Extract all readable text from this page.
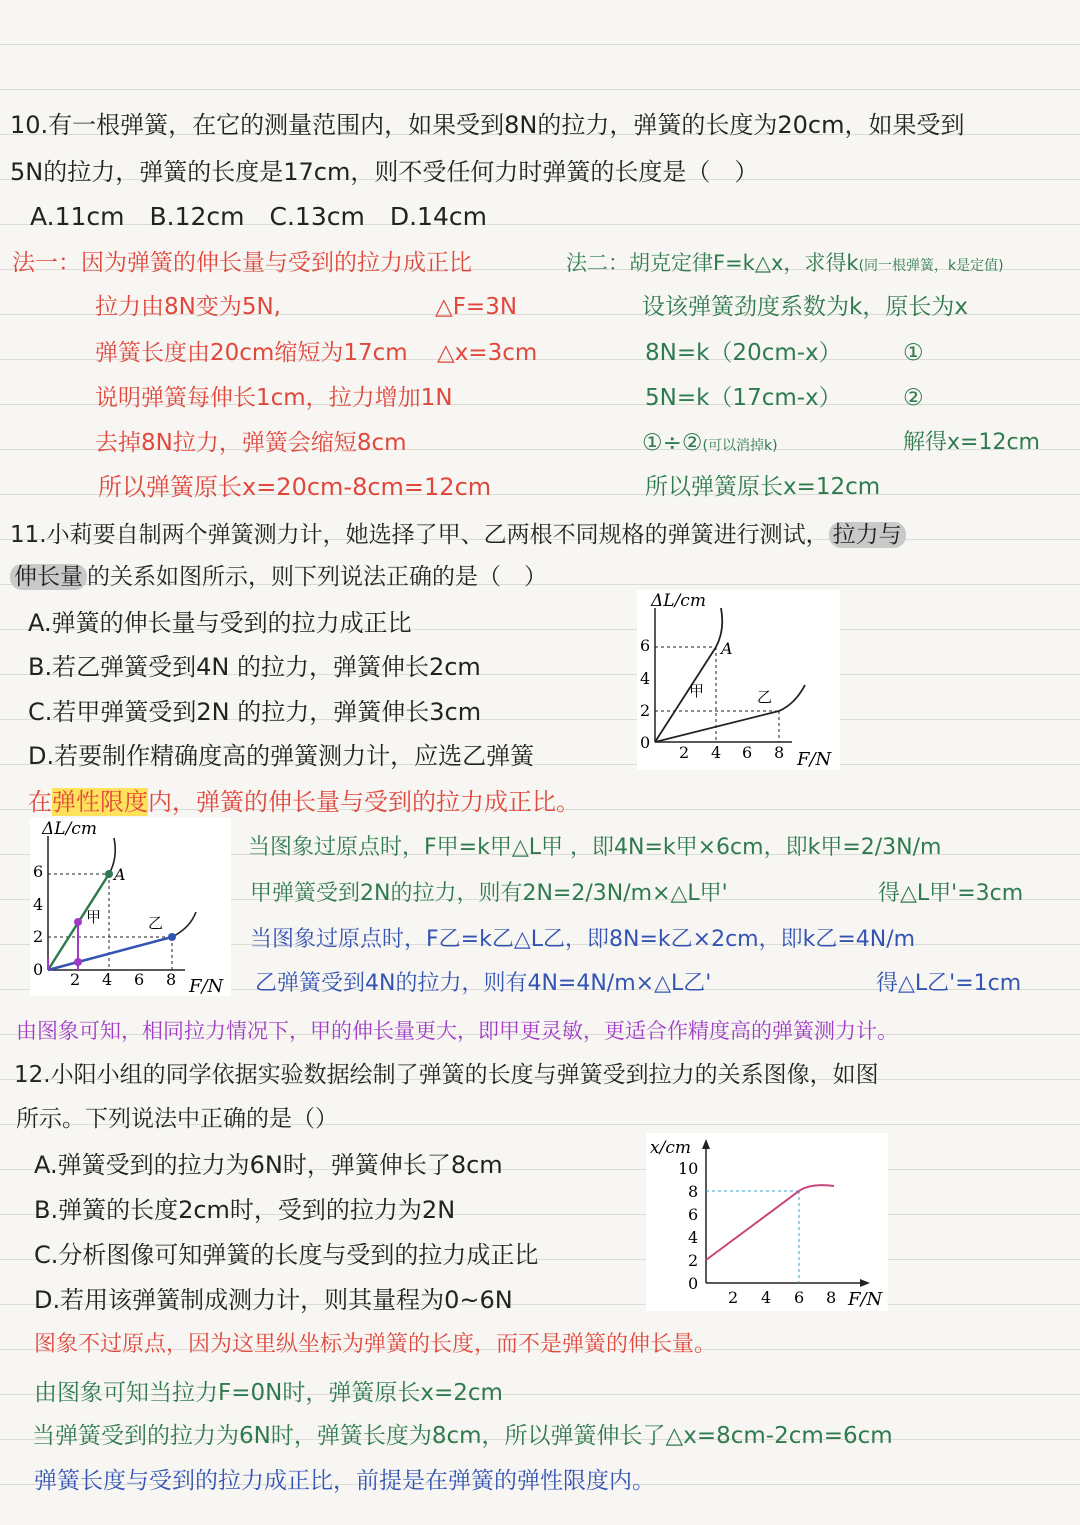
10.有一根弹簧，在它的测量范围内，如果受到8N的拉力，弹簧的长度为20cm，如果受到
5N的拉力，弹簧的长度是17cm，则不受任何力时弹簧的长度是（　）
A.11cm　B.12cm　C.13cm　D.14cm
法一：因为弹簧的伸长量与受到的拉力成正比
拉力由8N变为5N,	△F=3N
弹簧长度由20cm缩短为17cm △x=3cm
说明弹簧每伸长1cm，拉力增加1N
去掉8N拉力，弹簧会缩短8cm
所以弹簧原长x=20cm-8cm=12cm
法二：胡克定律F=k△x，求得k(同一根弹簧，k是定值)
设该弹簧劲度系数为k，原长为x
8N=k（20cm-x）	①
5N=k（17cm-x）	②
①÷②(可以消掉k)	解得x=12cm
所以弹簧原长x=12cm
11.小莉要自制两个弹簧测力计，她选择了甲、乙两根不同规格的弹簧进行测试， 拉力与
伸长量 的关系如图所示，则下列说法正确的是（　）
A.弹簧的伸长量与受到的拉力成正比
B.若乙弹簧受到4N 的拉力，弹簧伸长2cm
C.若甲弹簧受到2N 的拉力，弹簧伸长3cm
D.若要制作精确度高的弹簧测力计，应选乙弹簧
ΔL/cm
F/N
6
4
2
0
2 4 6 8
A
甲	乙
在弹性限度内，弹簧的伸长量与受到的拉力成正比。
ΔL/cm
F/N
6
4
2
0
2 4 6 8
A
甲	乙
当图象过原点时，F甲=k甲△L甲 ，即4N=k甲×6cm，即k甲=2/3N/m
甲弹簧受到2N的拉力，则有2N=2/3N/m×△L甲'	得△L甲'=3cm
当图象过原点时，F乙=k乙△L乙，即8N=k乙×2cm，即k乙=4N/m
乙弹簧受到4N的拉力，则有4N=4N/m×△L乙'	得△L乙'=1cm
由图象可知，相同拉力情况下，甲的伸长量更大，即甲更灵敏，更适合作精度高的弹簧测力计。
12.小阳小组的同学依据实验数据绘制了弹簧的长度与弹簧受到拉力的关系图像，如图
所示。下列说法中正确的是（）
A.弹簧受到的拉力为6N时，弹簧伸长了8cm
B.弹簧的长度2cm时，受到的拉力为2N
C.分析图像可知弹簧的长度与受到的拉力成正比
D.若用该弹簧制成测力计，则其量程为0~6N
x/cm
F/N
10
8
6
4
2
0
2 4 6 8
图象不过原点，因为这里纵坐标为弹簧的长度，而不是弹簧的伸长量。
由图象可知当拉力F=0N时，弹簧原长x=2cm
当弹簧受到的拉力为6N时，弹簧长度为8cm，所以弹簧伸长了△x=8cm-2cm=6cm
弹簧长度与受到的拉力成正比，前提是在弹簧的弹性限度内。
